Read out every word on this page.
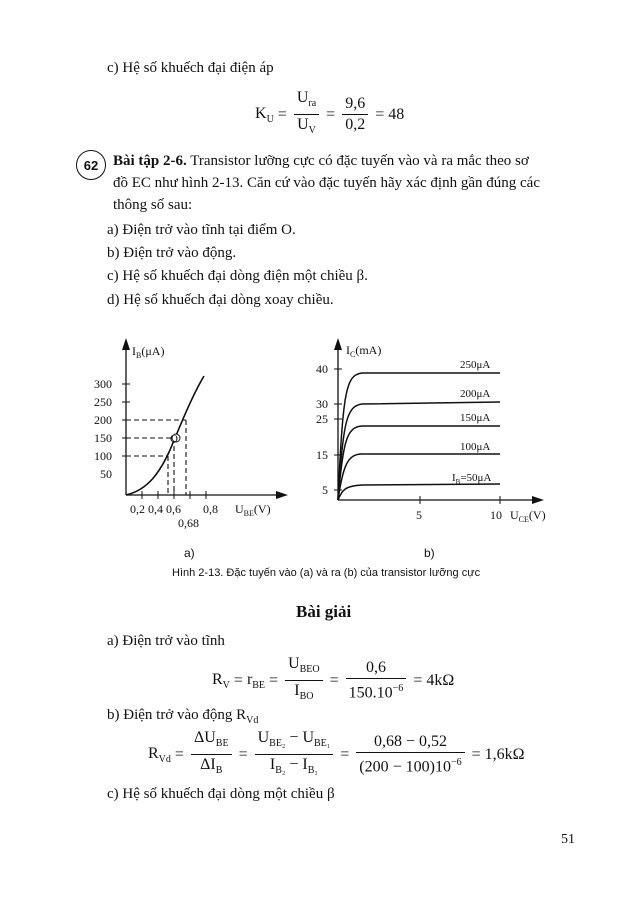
c) Hệ số khuếch đại điện áp
$K_U = \frac{U_{ra}}{U_V} = \frac{9,6}{0,2} = 48$
62 Bài tập 2-6. Transistor lưỡng cực có đặc tuyến vào và ra mắc theo sơ
đồ EC như hình 2-13. Căn cứ vào đặc tuyến hãy xác định gần đúng các
thông số sau:
a) Điện trở vào tĩnh tại điểm O.
b) Điện trở vào động.
c) Hệ số khuếch đại dòng điện một chiều β.
d) Hệ số khuếch đại dòng xoay chiều.
$I_B(\mu A)$
300
250
200
150
100
50
O
0,2 0,4 0,6 0,8
0,68
$U_{BE}(V)$
a)
$I_C(mA)$
40
30
25
15
5
250μA
200μA
150μA
100μA
$I_B=50\mu A$
5	10 $U_{CE}(V)$
b)
Hình 2-13. Đặc tuyến vào (a) và ra (b) của transistor lưỡng cực
Bài giải
a) Điện trở vào tĩnh
$R_V = r_{BE} = \frac{U_{BEO}}{I_{BO}} = \frac{0,6}{150.10^{-6}} = 4k\Omega$
b) Điện trở vào động $R_{Vd}$
$R_{Vd} = \frac{\Delta U_{BE}}{\Delta I_B} = \frac{U_{BE_2} - U_{BE_1}}{I_{B_2} - I_{B_1}} = \frac{0,68 - 0,52}{(200 - 100)10^{-6}} = 1,6k\Omega$
c) Hệ số khuếch đại dòng một chiều β
51
